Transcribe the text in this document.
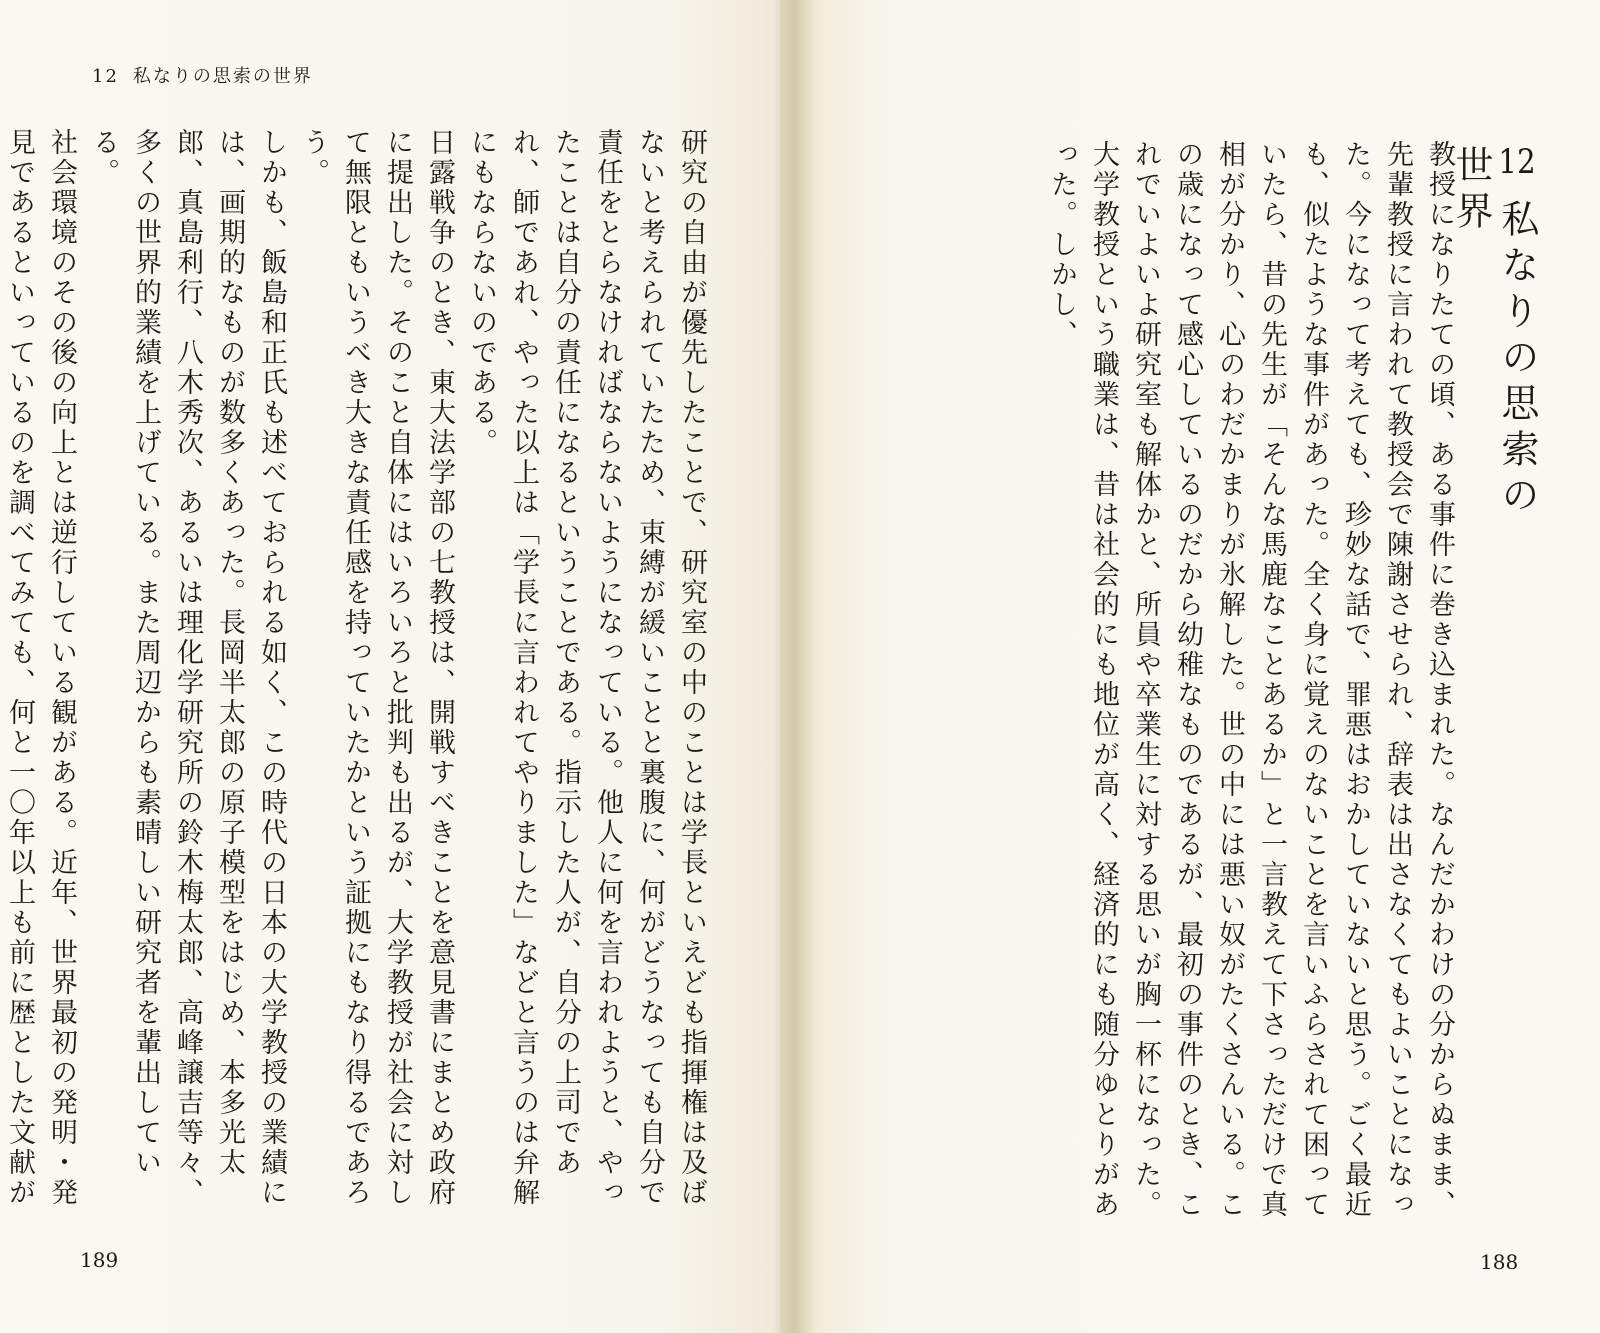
12 私なりの思索の世界

研究の自由が優先したことで、研究室の中のことは学長といえども指揮権は及ばないと考えられていたため、束縛が緩いことと裏腹に、何がどうなっても自分で責任をとらなければならないようになっている。他人に何を言われようと、やったことは自分の責任になるということである。指示した人が、自分の上司であれ、師であれ、やった以上は「学長に言われてやりました」などと言うのは弁解にもならないのである。

日露戦争のとき、東大法学部の七教授は、開戦すべきことを意見書にまとめ政府に提出した。そのこと自体にはいろいろと批判も出るが、大学教授が社会に対して無限ともいうべき大きな責任感を持っていたかという証拠にもなり得るであろう。

しかも、飯島和正氏も述べておられる如く、この時代の日本の大学教授の業績には、画期的なものが数多くあった。長岡半太郎の原子模型をはじめ、本多光太郎、真島利行、八木秀次、あるいは理化学研究所の鈴木梅太郎、高峰譲吉等々、多くの世界的業績を上げている。また周辺からも素晴しい研究者を輩出している。

社会環境のその後の向上とは逆行している観がある。近年、世界最初の発明・発見であるといっているのを調べてみても、何と一〇年以上も前に歴とした文献が

189

教授になりたての頃、ある事件に巻き込まれた。なんだかわけの分からぬまま、先輩教授に言われて教授会で陳謝させられ、辞表は出さなくてもよいことになった。今になって考えても、珍妙な話で、罪悪はおかしていないと思う。ごく最近も、似たような事件があった。全く身に覚えのないことを言いふらされて困っていたら、昔の先生が「そんな馬鹿なことあるか」と一言教えて下さっただけで真相が分かり、心のわだかまりが氷解した。世の中には悪い奴がたくさんいる。この歳になって感心しているのだから幼稚なものであるが、最初の事件のとき、これでいよいよ研究室も解体かと、所員や卒業生に対する思いが胸一杯になった。

大学教授という職業は、昔は社会的にも地位が高く、経済的にも随分ゆとりがあった。しかし、	12 私なりの思索の世界
188
